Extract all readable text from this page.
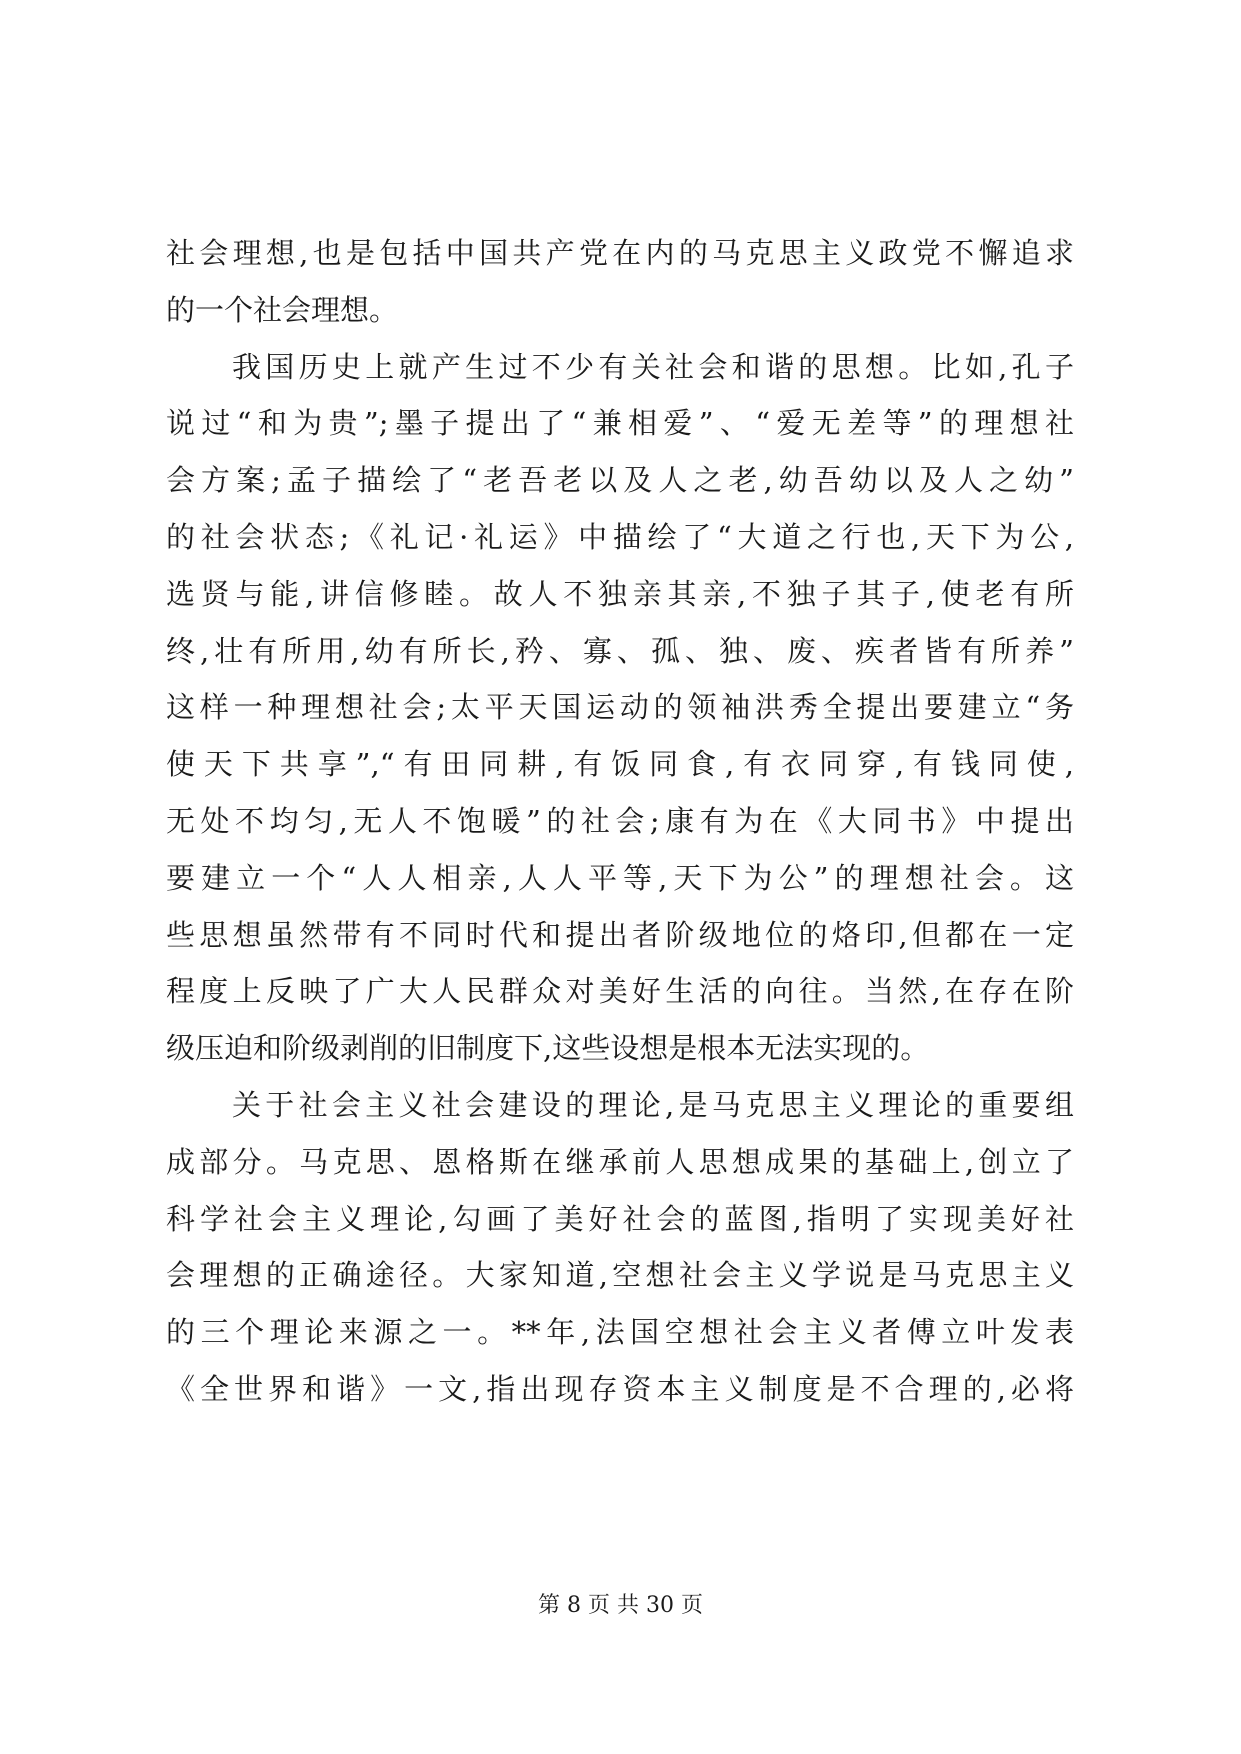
社会理想,也是包括中国共产党在内的马克思主义政党不懈追求
的一个社会理想。
我国历史上就产生过不少有关社会和谐的思想。比如,孔子
说过“和为贵”;墨子提出了“兼相爱”、“爱无差等”的理想社
会方案;孟子描绘了“老吾老以及人之老,幼吾幼以及人之幼”
的社会状态;《礼记·礼运》中描绘了“大道之行也,天下为公,
选贤与能,讲信修睦。故人不独亲其亲,不独子其子,使老有所
终,壮有所用,幼有所长,矜、寡、孤、独、废、疾者皆有所养”
这样一种理想社会;太平天国运动的领袖洪秀全提出要建立“务
使天下共享”,“有田同耕,有饭同食,有衣同穿,有钱同使,
无处不均匀,无人不饱暖”的社会;康有为在《大同书》中提出
要建立一个“人人相亲,人人平等,天下为公”的理想社会。这
些思想虽然带有不同时代和提出者阶级地位的烙印,但都在一定
程度上反映了广大人民群众对美好生活的向往。当然,在存在阶
级压迫和阶级剥削的旧制度下,这些设想是根本无法实现的。
关于社会主义社会建设的理论,是马克思主义理论的重要组
成部分。马克思、恩格斯在继承前人思想成果的基础上,创立了
科学社会主义理论,勾画了美好社会的蓝图,指明了实现美好社
会理想的正确途径。大家知道,空想社会主义学说是马克思主义
的三个理论来源之一。**年,法国空想社会主义者傅立叶发表
《全世界和谐》一文,指出现存资本主义制度是不合理的,必将
第 8 页 共 30 页
